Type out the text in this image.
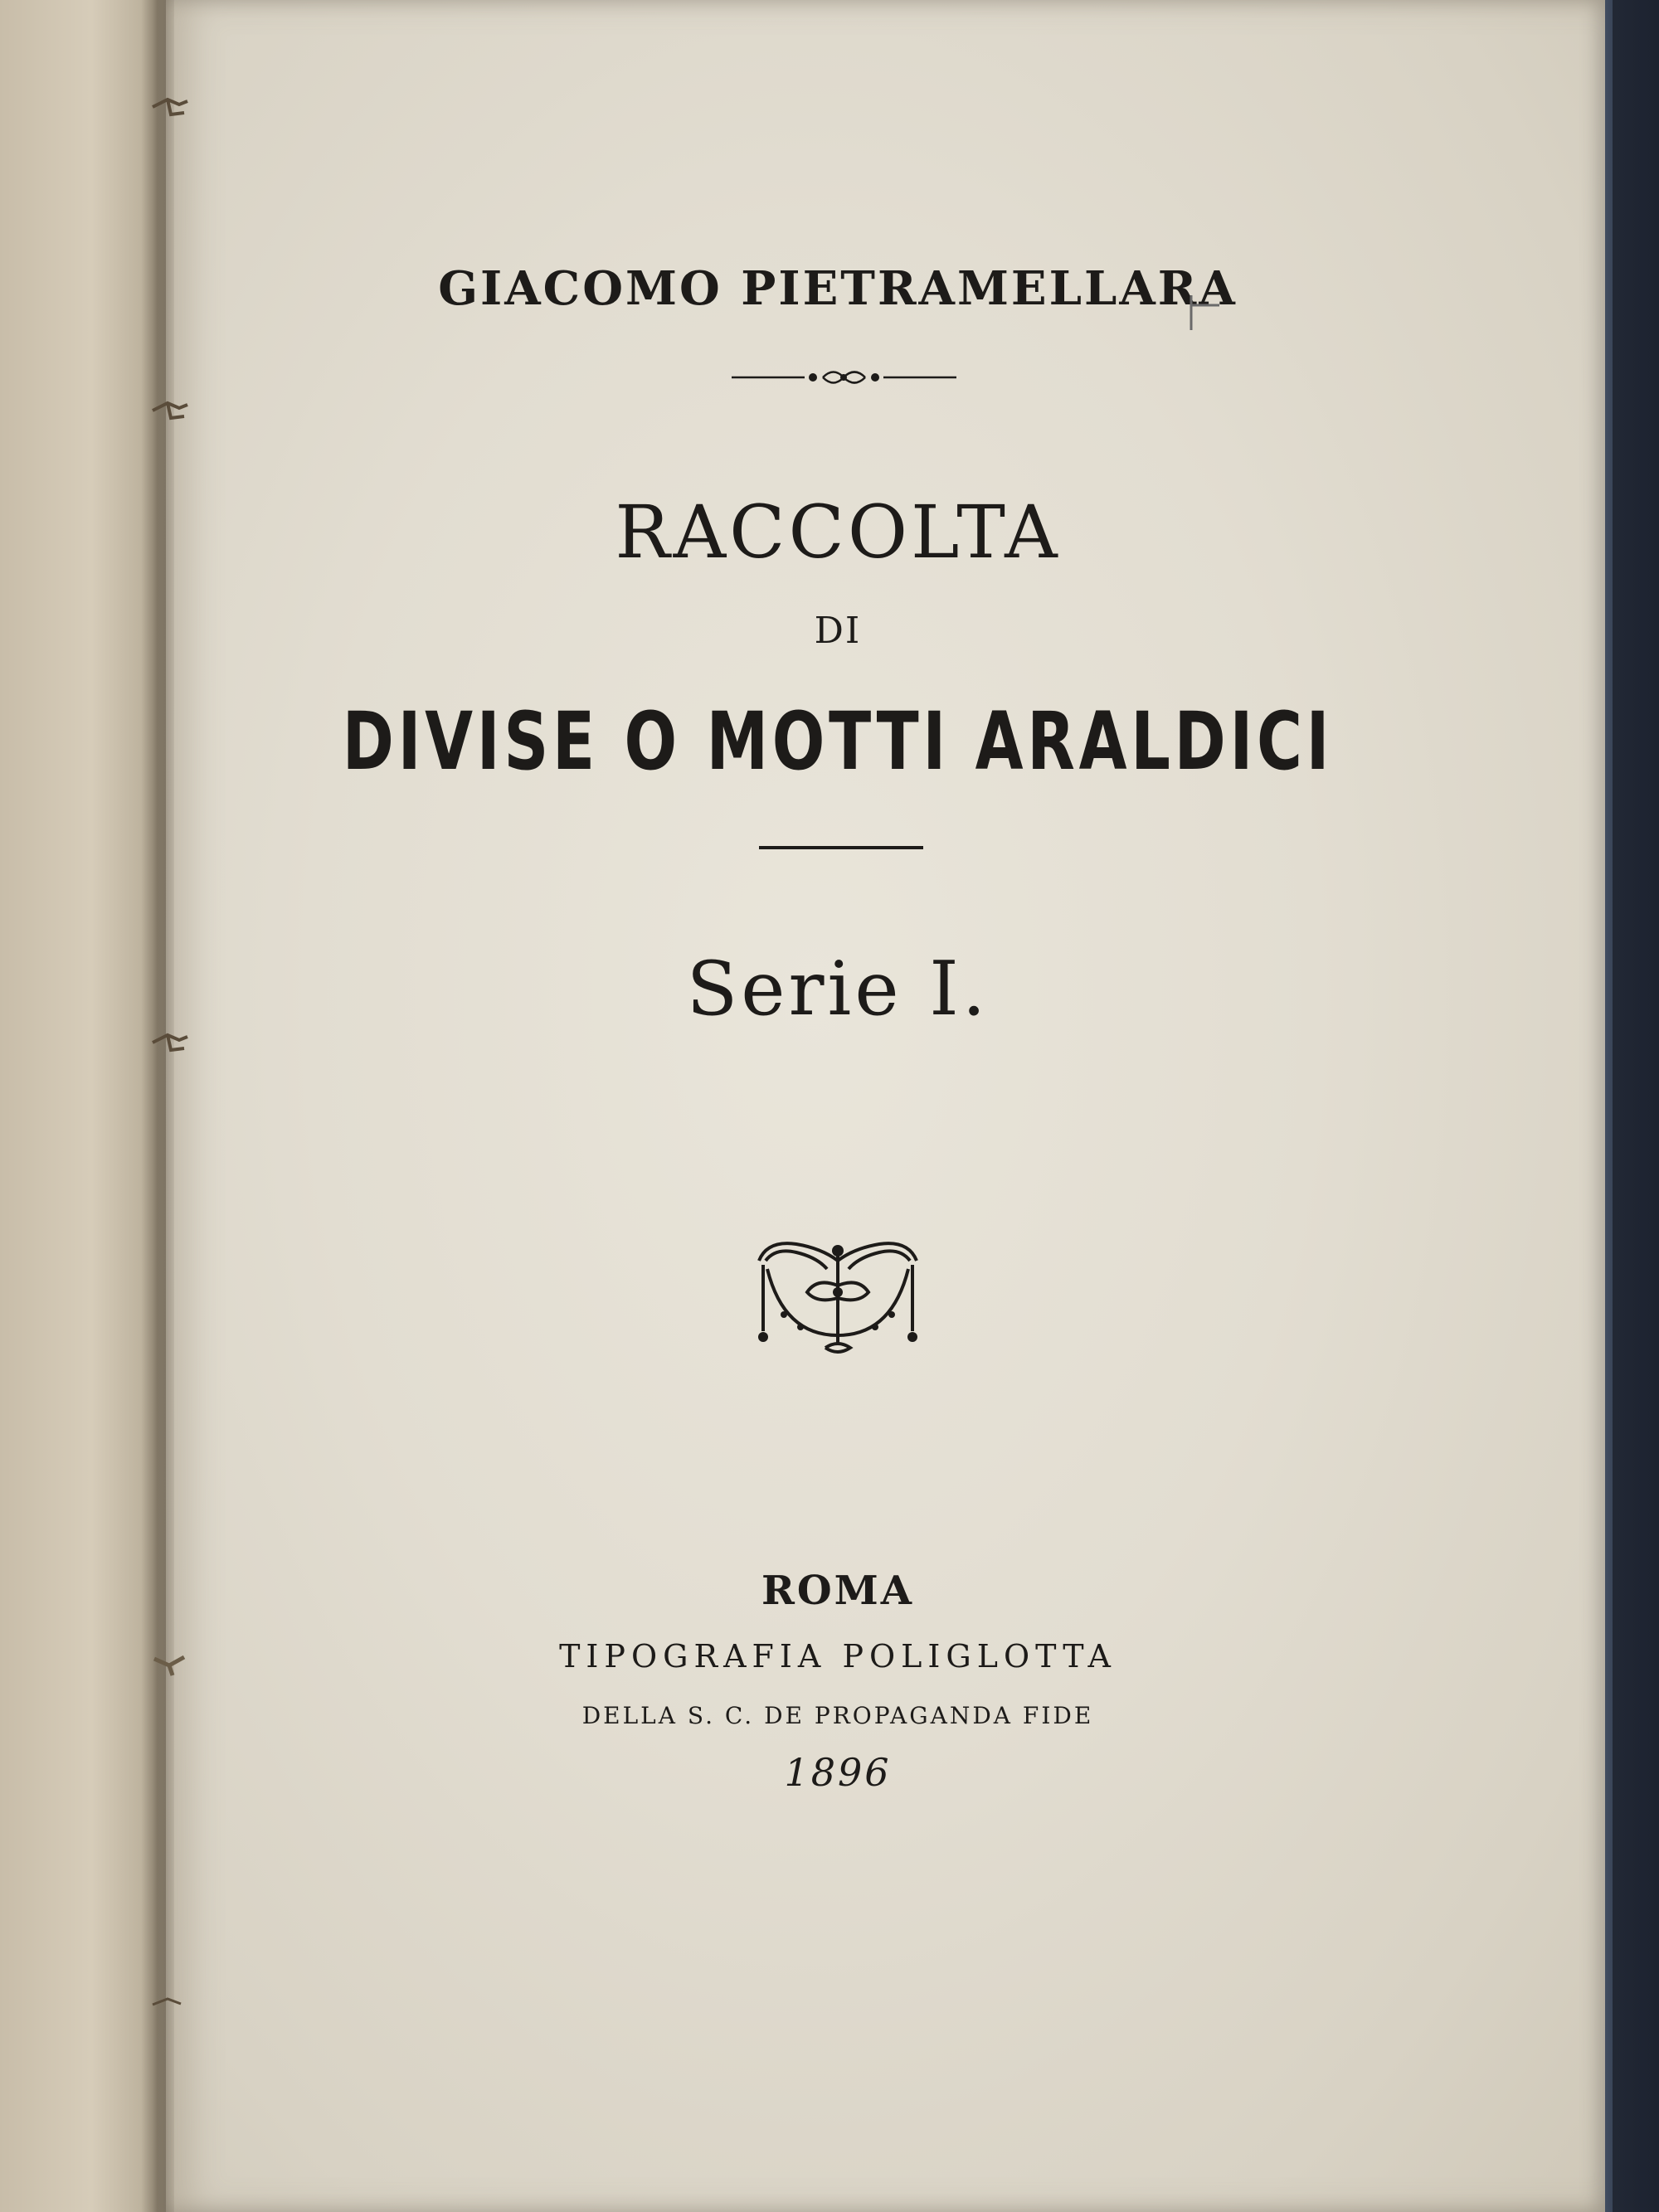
GIACOMO PIETRAMELLARA
RACCOLTA
DI
DIVISE O MOTTI ARALDICI
Serie I.
ROMA
TIPOGRAFIA POLIGLOTTA
DELLA S. C. DE PROPAGANDA FIDE
1896
